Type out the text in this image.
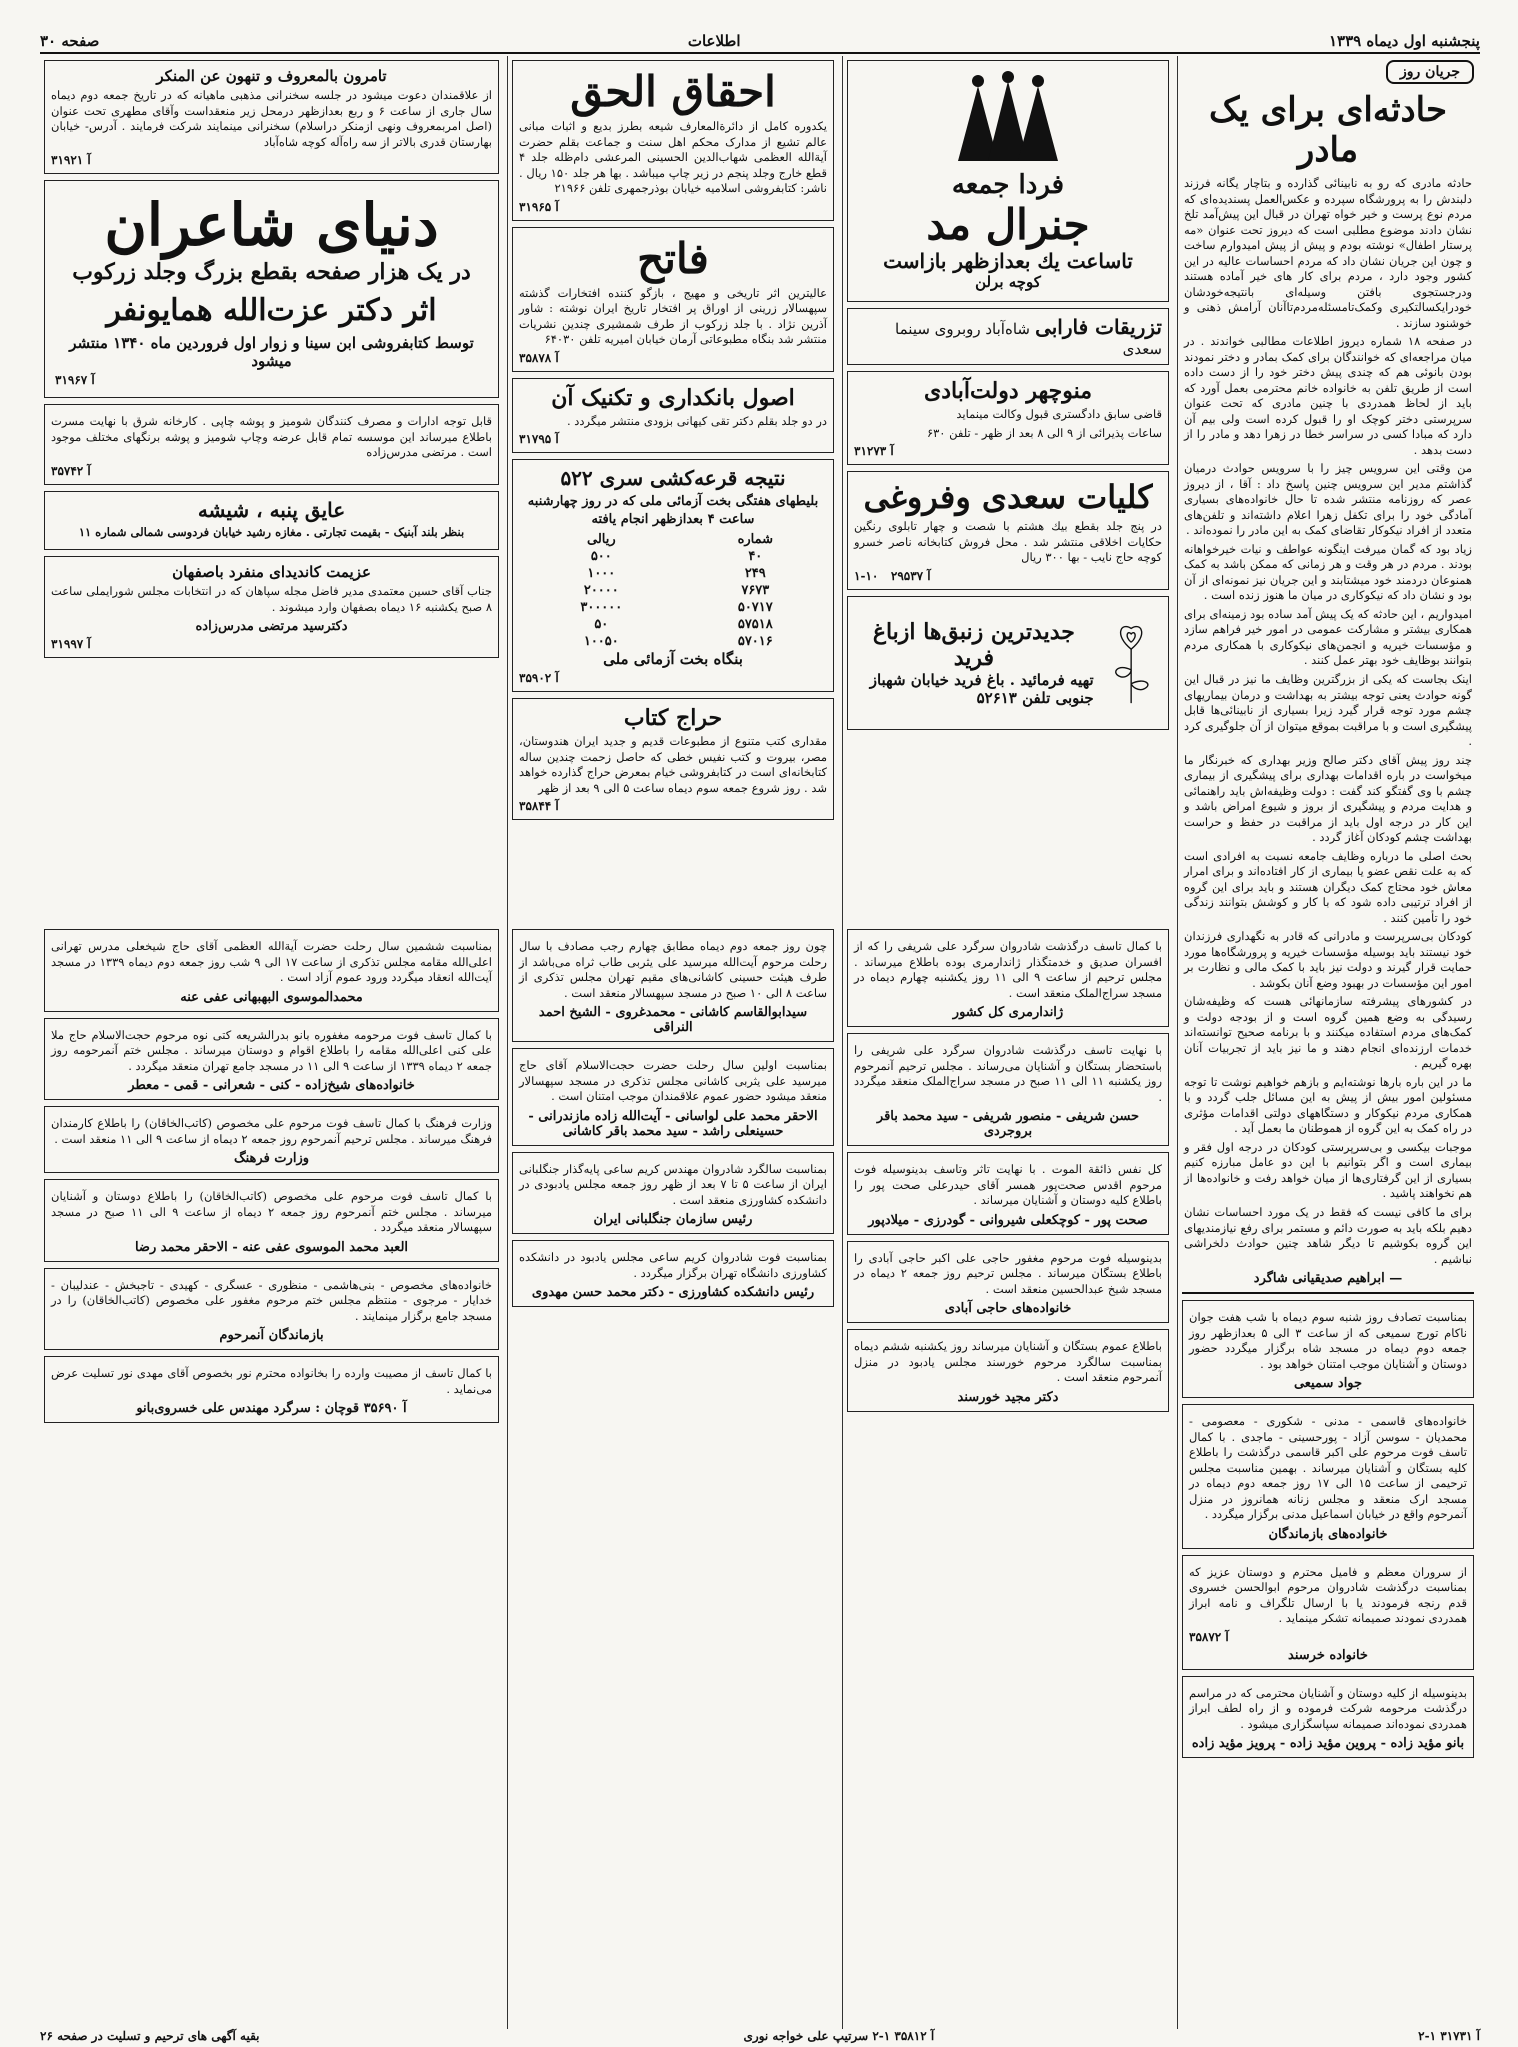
صفحه ۳۰	اطلاعات	پنجشنبه اول دیماه ۱۳۳۹
جریان روز
حادثه‌ای برای یک مادر

حادثه مادری که رو به نابینائی گذارده و بتاچار یگانه فرزند دلبندش را به پرورشگاه سپرده و عکس‌العمل پسندیده‌ای که مردم نوع پرست و خیر خواه تهران در قبال این پیش‌آمد تلخ نشان دادند موضوع مطلبی است که دیروز تحت عنوان «مه پرستار اطفال» نوشته بودم و پیش از پیش امیدوارم ساخت و چون این جریان نشان داد که مردم احساسات عالیه در این کشور وجود دارد ، مردم برای کار های خیر آماده هستند ودرجستجوی بافتن وسیله‌ای بانتیجه‌خودشان خودرایکسالتکیری وکمک‌تامسئله‌مردم‌تاآنان آرامش ذهنی و خوشنود سازند .

در صفحه ۱۸ شماره دیروز اطلاعات مطالبی خواندند . در میان مراجعه‌ای که خوانندگان برای کمک بمادر و دختر نمودند بودن بانوئی هم که چندی پیش دختر خود را از دست داده است از طریق تلفن به خانواده خانم محترمی بعمل آورد که باید از لحاظ همدردی با چنین مادری که تحت عنوان سرپرستی دختر کوچک او را قبول کرده است ولی بیم آن دارد که مبادا کسی در سراسر خطا در زهرا دهد و مادر را از دست بدهد .

من وقتی این سرویس چیز را با سرویس حوادث درمیان گذاشتم مدیر این سرویس چنین پاسخ داد : آقا ، از دیروز عصر که روزنامه منتشر شده تا حال خانواده‌های بسیاری آمادگی خود را برای تکفل زهرا اعلام داشته‌اند و تلفن‌های متعدد از افراد نیکوکار تقاضای کمک به این مادر را نموده‌اند .

زیاد بود که گمان میرفت اینگونه عواطف و نیات خیرخواهانه بودند . مردم در هر وقت و هر زمانی که ممکن باشد به کمک همنوعان دردمند خود میشتابند و این جریان نیز نمونه‌ای از آن بود و نشان داد که نیکوکاری در میان ما هنوز زنده است .

امیدواریم ، این حادثه که یک پیش آمد ساده بود زمینه‌ای برای همکاری بیشتر و مشارکت عمومی در امور خیر فراهم سازد و مؤسسات خیریه و انجمن‌های نیکوکاری با همکاری مردم بتوانند بوظایف خود بهتر عمل کنند .

اینک بجاست که یکی از بزرگترین وظایف ما نیز در قبال این گونه حوادث یعنی توجه بیشتر به بهداشت و درمان بیماریهای چشم مورد توجه قرار گیرد زیرا بسیاری از نابینائی‌ها قابل پیشگیری است و با مراقبت بموقع میتوان از آن جلوگیری کرد .

چند روز پیش آقای دکتر صالح وزیر بهداری که خبرنگار ما میخواست در باره اقدامات بهداری برای پیشگیری از بیماری چشم با وی گفتگو کند گفت : دولت وظیفه‌اش باید راهنمائی و هدایت مردم و پیشگیری از بروز و شیوع امراض باشد و این کار در درجه اول باید از مراقبت در حفظ و حراست بهداشت چشم کودکان آغاز گردد .

بحث اصلی ما درباره وظایف جامعه نسبت به افرادی است که به علت نقص عضو یا بیماری از کار افتاده‌اند و برای امرار معاش خود محتاج کمک دیگران هستند و باید برای این گروه از افراد ترتیبی داده شود که با کار و کوشش بتوانند زندگی خود را تأمین کنند .

کودکان بی‌سرپرست و مادرانی که قادر به نگهداری فرزندان خود نیستند باید بوسیله مؤسسات خیریه و پرورشگاه‌ها مورد حمایت قرار گیرند و دولت نیز باید با کمک مالی و نظارت بر امور این مؤسسات در بهبود وضع آنان بکوشد .

در کشورهای پیشرفته سازمانهائی هست که وظیفه‌شان رسیدگی به وضع همین گروه است و از بودجه دولت و کمک‌های مردم استفاده میکنند و با برنامه صحیح توانسته‌اند خدمات ارزنده‌ای انجام دهند و ما نیز باید از تجربیات آنان بهره گیریم .

ما در این باره بارها نوشته‌ایم و بازهم خواهیم نوشت تا توجه مسئولین امور بیش از پیش به این مسائل جلب گردد و با همکاری مردم نیکوکار و دستگاههای دولتی اقدامات مؤثری در راه کمک به این گروه از هموطنان ما بعمل آید .

موجبات بیکسی و بی‌سرپرستی کودکان در درجه اول فقر و بیماری است و اگر بتوانیم با این دو عامل مبارزه کنیم بسیاری از این گرفتاری‌ها از میان خواهد رفت و خانواده‌ها از هم نخواهند پاشید .

برای ما کافی نیست که فقط در یک مورد احساسات نشان دهیم بلکه باید به صورت دائم و مستمر برای رفع نیازمندیهای این گروه بکوشیم تا دیگر شاهد چنین حوادث دلخراشی نباشیم .

— ابراهیم صدیقیانی شاگرد

بمناسبت تصادف روز شنبه سوم دیماه با شب هفت جوان ناکام تورج سمیعی که از ساعت ۳ الی ۵ بعدازظهر روز جمعه دوم دیماه در مسجد شاه برگزار میگردد حضور دوستان و آشنایان موجب امتنان خواهد بود .

جواد سمیعی

خانواده‌های قاسمی - مدنی - شکوری - معصومی - محمدیان - سوسن آزاد - پورحسینی - ماجدی . با کمال تاسف فوت مرحوم علی اکبر قاسمی درگذشت را باطلاع کلیه بستگان و آشنایان میرساند . بهمین مناسبت مجلس ترحیمی از ساعت ۱۵ الی ۱۷ روز جمعه دوم دیماه در مسجد ارک منعقد و مجلس زنانه همانروز در منزل آنمرحوم واقع در خیابان اسماعیل مدنی برگزار میگردد .

خانواده‌های بازماندگان

از سروران معظم و فامیل محترم و دوستان عزیز که بمناسبت درگذشت شادروان مرحوم ابوالحسن خسروی قدم رنجه فرمودند یا با ارسال تلگراف و نامه ابراز همدردی نمودند صمیمانه تشکر مینماید .

آ ۳۵۸۷۲
خانواده خرسند

بدینوسیله از کلیه دوستان و آشنایان محترمی که در مراسم درگذشت مرحومه شرکت فرموده و از راه لطف ابراز همدردی نموده‌اند صمیمانه سپاسگزاری میشود .

بانو مؤید زاده - پروین مؤید زاده - پرویز مؤید زاده
فردا جمعه
جنرال مد
تاساعت یك بعدازظهر بازاست
کوچه برلن
تزریقات فارابی شاه‌آباد روبروی سینما سعدی
منوچهر دولت‌آبادی

قاضی سابق دادگستری قبول وکالت مینماید

ساعات پذیرائی از ۹ الی ۸ بعد از ظهر - تلفن ۶۳۰

آ ۳۱۲۷۳
کلیات سعدی وفروغی

در پنج جلد بقطع بیك هشتم با شصت و چهار تابلوی رنگین حکایات اخلاقی منتشر شد . محل فروش کتابخانه ناصر خسرو کوچه حاج نایب - بها ۳۰۰ ریال

آ ۲۹۵۳۷   ۱۰-۱
جدیدترین زنبق‌ها ازباغ فرید
تهیه فرمائید . باغ فرید خیابان شهباز جنوبی تلفن ۵۲۶۱۳
احقاق الحق

یکدوره کامل از دائرةالمعارف شیعه بطرز بدیع و اثبات مبانی عالم تشیع از مدارک محکم اهل سنت و جماعت بقلم حضرت آیةالله العظمی شهاب‌الدین الحسینی المرعشی دام‌ظله جلد ۴ قطع خارج وجلد پنجم در زیر چاپ میباشد . بها هر جلد ۱۵۰ ریال . ناشر: کتابفروشی اسلامیه خیابان بوذرجمهری تلفن ۲۱۹۶۶

آ ۳۱۹۶۵
فاتح

عالیترین اثر تاریخی و مهیج ، بازگو کننده افتخارات گذشته سپهسالار زرینی از اوراق پر افتخار تاریخ ایران نوشته : شاور آذرین نژاد . با جلد زرکوب از طرف شمشیری چندین نشریات منتشر شد بنگاه مطبوعاتی آرمان خیابان امیریه تلفن ۶۴۰۳۰

آ ۳۵۸۷۸
اصول بانکداری و تکنیک آن

در دو جلد بقلم دکتر تقی کیهانی بزودی منتشر میگردد .

آ ۳۱۷۹۵
نتیجه قرعه‌کشی سری ۵۲۲

بلیطهای هفتگی بخت آزمائی ملی که در روز چهارشنبه ساعت ۴ بعدازظهر انجام یافته

شماره	ریالی
۴۰	۵۰۰
۲۴۹	۱۰۰۰
۷۶۷۳	۲۰۰۰۰
۵۰۷۱۷	۳۰۰۰۰۰
۵۷۵۱۸	۵۰
۵۷۰۱۶	۱۰۰۵۰
بنگاه بخت آزمائی ملی
آ ۳۵۹۰۲
حراج کتاب

مقداری کتب متنوع از مطبوعات قدیم و جدید ایران هندوستان، مصر، بیروت و کتب نفیس خطی که حاصل زحمت چندین ساله کتابخانه‌ای است در کتابفروشی خیام بمعرض حراج گذارده خواهد شد . روز شروع جمعه سوم دیماه ساعت ۵ الی ۹ بعد از ظهر

آ ۳۵۸۴۴
تامرون بالمعروف و تنهون عن المنکر

از علاقمندان دعوت میشود در جلسه سخنرانی مذهبی ماهیانه که در تاریخ جمعه دوم دیماه سال جاری از ساعت ۶ و ربع بعدازظهر درمحل زیر منعقداست وآقای مطهری تحت عنوان (اصل امربمعروف ونهی ازمنکر دراسلام) سخنرانی مینمایند شرکت فرمایند . آدرس- خیابان بهارستان قدری بالاتر از سه راه‌آله کوچه شاه‌آباد

آ ۳۱۹۲۱
دنیای شاعران
در یک هزار صفحه بقطع بزرگ وجلد زرکوب
اثر دکتر عزت‌الله همایونفر
توسط کتابفروشی ابن سینا و زوار اول فروردین ماه ۱۳۴۰ منتشر میشود
آ ۳۱۹۶۷

قابل توجه ادارات و مصرف کنندگان شومیز و پوشه چاپی . کارخانه شرق با نهایت مسرت باطلاع میرساند این موسسه تمام قابل عرضه وچاپ شومیز و پوشه برنگهای مختلف موجود است . مرتضی مدرس‌زاده

آ ۳۵۷۴۲
عایق پنبه ، شیشه

بنظر بلند آبنیک - بقیمت تجارتی . مغازه رشید خیابان فردوسی شمالی شماره ۱۱

عزیمت کاندیدای منفرد باصفهان

جناب آقای حسین معتمدی مدیر فاضل مجله سپاهان که در انتخابات مجلس شورایملی ساعت ۸ صبح یکشنبه ۱۶ دیماه بصفهان وارد میشوند .

دکترسید مرتضی مدرس‌زاده
آ ۳۱۹۹۷

با کمال تاسف درگذشت شادروان سرگرد علی شریفی را که از افسران صدیق و خدمتگذار ژاندارمری بوده باطلاع میرساند . مجلس ترحیم از ساعت ۹ الی ۱۱ روز یکشنبه چهارم دیماه در مسجد سراج‌الملک منعقد است .

ژاندارمری کل کشور

با نهایت تاسف درگذشت شادروان سرگرد علی شریفی را باستحضار بستگان و آشنایان می‌رساند . مجلس ترحیم آنمرحوم روز یکشنبه ۱۱ الی ۱۱ صبح در مسجد سراج‌الملک منعقد میگردد .

حسن شریفی - منصور شریفی - سید محمد باقر بروجردی

کل نفس ذائقة الموت . با نهایت تاثر وتاسف بدینوسیله فوت مرحوم اقدس صحت‌پور همسر آقای حیدرعلی صحت پور را باطلاع کلیه دوستان و آشنایان میرساند .

صحت پور - کوچکعلی شیروانی - گودرزی - میلادپور

بدینوسیله فوت مرحوم مغفور حاجی علی اکبر حاجی آبادی را باطلاع بستگان میرساند . مجلس ترحیم روز جمعه ۲ دیماه در مسجد شیخ عبدالحسین منعقد است .

خانواده‌های حاجی آبادی

باطلاع عموم بستگان و آشنایان میرساند روز یکشنبه ششم دیماه بمناسبت سالگرد مرحوم خورسند مجلس یادبود در منزل آنمرحوم منعقد است .

دکتر مجید خورسند

چون روز جمعه دوم دیماه مطابق چهارم رجب مصادف با سال رحلت مرحوم آیت‌الله میرسید علی یثربی طاب ثراه می‌باشد از طرف هیئت حسینی کاشانی‌های مقیم تهران مجلس تذکری از ساعت ۸ الی ۱۰ صبح در مسجد سپهسالار منعقد است .

سیدابوالقاسم کاشانی - محمدغروی - الشیخ احمد النراقی

بمناسبت اولین سال رحلت حضرت حجت‌الاسلام آقای حاج میرسید علی یثربی کاشانی مجلس تذکری در مسجد سپهسالار منعقد میشود حضور عموم علاقمندان موجب امتنان است .

الاحقر محمد علی لواسانی - آیت‌الله زاده مازندرانی - حسینعلی راشد - سید محمد باقر کاشانی

بمناسبت سالگرد شادروان مهندس کریم ساعی پایه‌گذار جنگلبانی ایران از ساعت ۵ تا ۷ بعد از ظهر روز جمعه مجلس یادبودی در دانشکده کشاورزی منعقد است .

رئیس سازمان جنگلبانی ایران

بمناسبت فوت شادروان کریم ساعی مجلس یادبود در دانشکده کشاورزی دانشگاه تهران برگزار میگردد .

رئیس دانشکده کشاورزی - دکتر محمد حسن مهدوی

بمناسبت ششمین سال رحلت حضرت آیةالله العظمی آقای حاج شیخعلی مدرس تهرانی اعلی‌الله مقامه مجلس تذکری از ساعت ۱۷ الی ۹ شب روز جمعه دوم دیماه ۱۳۳۹ در مسجد آیت‌الله انعقاد میگردد ورود عموم آزاد است .

محمدالموسوی البهبهانی عفی عنه

با کمال تاسف فوت مرحومه مغفوره بانو بدرالشریعه کتی نوه مرحوم حجت‌الاسلام حاج ملا علی کنی اعلی‌الله مقامه را باطلاع اقوام و دوستان میرساند . مجلس ختم آنمرحومه روز جمعه ۲ دیماه ۱۳۳۹ از ساعت ۹ الی ۱۱ در مسجد جامع تهران منعقد میگردد .

خانواده‌های شیخ‌زاده - کنی - شعرانی - قمی - معطر

وزارت فرهنگ با کمال تاسف فوت مرحوم علی مخصوص (کاتب‌الخاقان) را باطلاع کارمندان فرهنگ میرساند . مجلس ترحیم آنمرحوم روز جمعه ۲ دیماه از ساعت ۹ الی ۱۱ منعقد است .

وزارت فرهنگ

با کمال تاسف فوت مرحوم علی مخصوص (کاتب‌الخاقان) را باطلاع دوستان و آشنایان میرساند . مجلس ختم آنمرحوم روز جمعه ۲ دیماه از ساعت ۹ الی ۱۱ صبح در مسجد سپهسالار منعقد میگردد .

العبد محمد الموسوی عفی عنه - الاحقر محمد رضا

خانواده‌های مخصوص - بنی‌هاشمی - منظوری - عسگری - کهیدی - تاجبخش - عندلیبان - خدایار - مرجوی - منتظم مجلس ختم مرحوم مغفور علی مخصوص (کاتب‌الخاقان) را در مسجد جامع برگزار مینمایند .

بازماندگان آنمرحوم

با کمال تاسف از مصیبت وارده را بخانواده محترم نور بخصوص آقای مهدی نور تسلیت عرض می‌نماید .

آ ۳۵۶۹۰ قوچان : سرگرد مهندس علی خسروی‌بانو
بقیه آگهی های ترحیم و تسلیت در صفحه ۲۶	آ ۳۵۸۱۲ ۱-۲ سرتیپ علی خواجه نوری	آ ۳۱۷۳۱ ۱-۲
